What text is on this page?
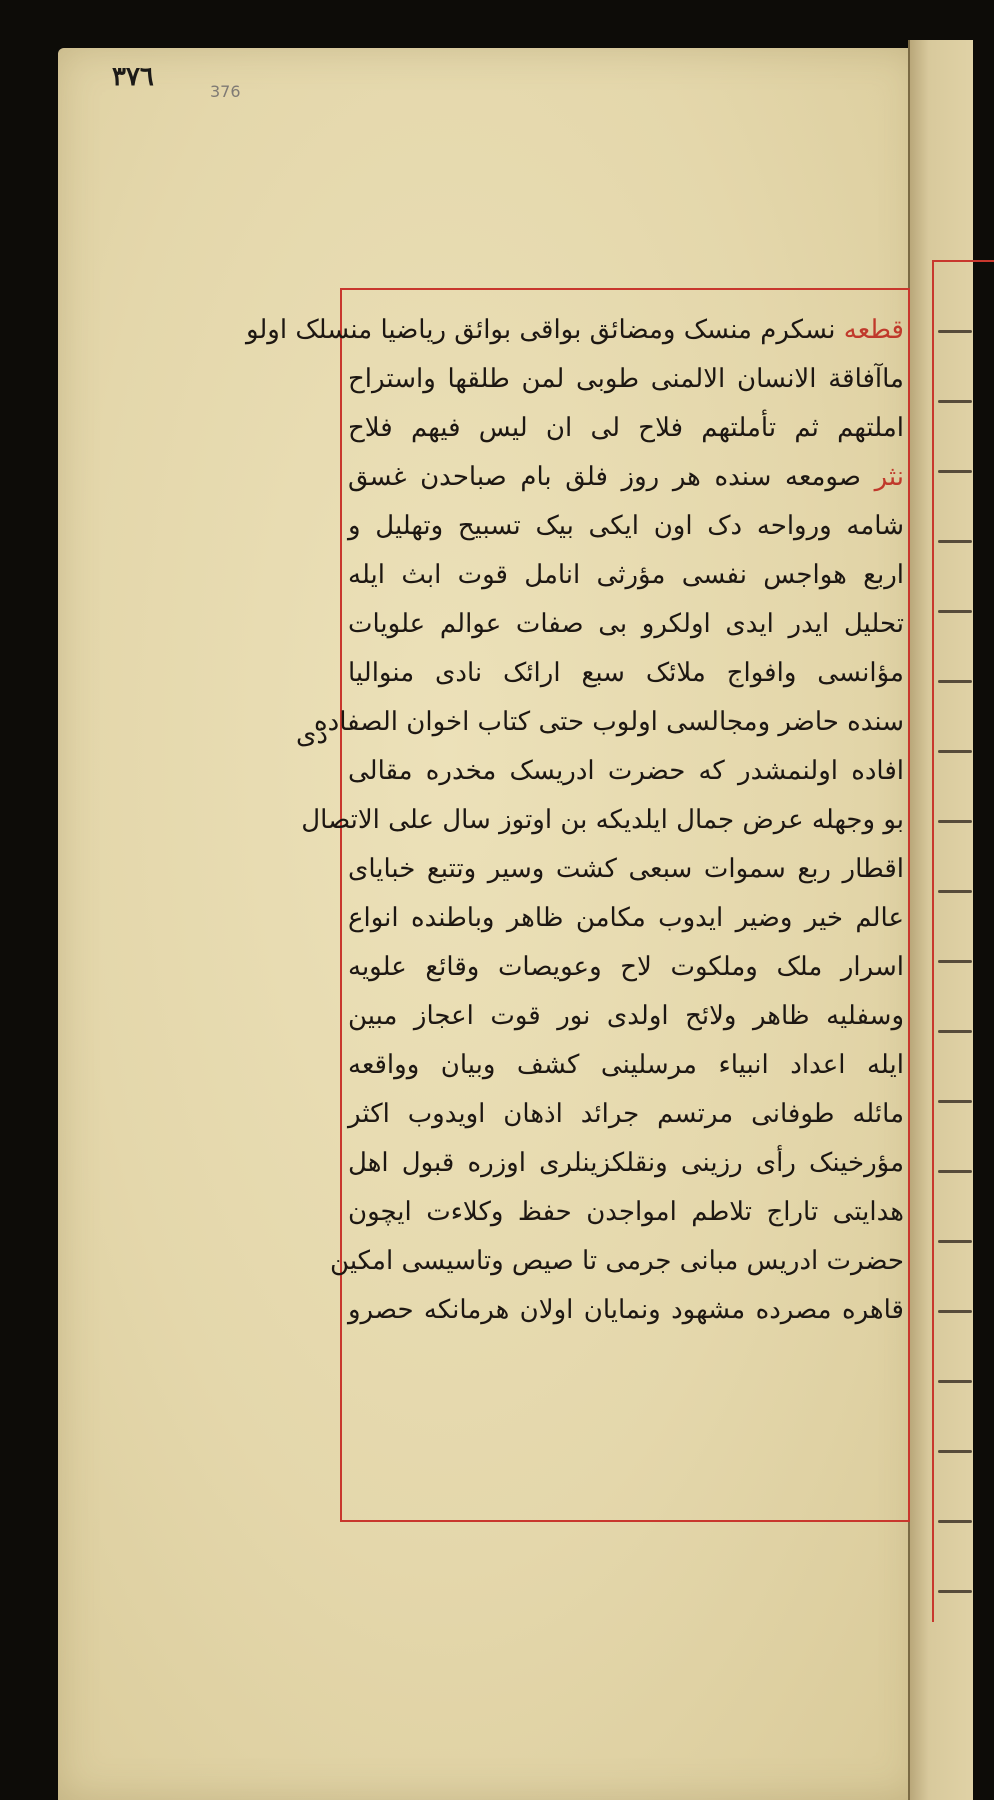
٣٧٦	376
ذی
قطعه نسکرم منسک ومضائق بواقی بوائق ریاضیا منسلک اولو
ماآفاقة الانسان الالمنی طوبی لمن طلقها واستراح
املتهم ثم تأملتهم فلاح لی ان لیس فیهم فلاح
نثر صومعه سنده هر روز فلق بام صباحدن غسق
شامه ورواحه دک اون ایکی بیک تسبیح وتهلیل و
اربع هواجس نفسی مؤرثی انامل قوت ابث ایله
تحلیل ایدر ایدی اولکرو بی صفات عوالم علویات
مؤانسی وافواج ملائک سبع ارائک نادی منوالیا
سنده حاضر ومجالسی اولوب حتی کتاب اخوان الصفاده
افاده اولنمشدر که حضرت ادریسک مخدره مقالی
بو وجهله عرض جمال ایلدیکه بن اوتوز سال علی الاتصال
اقطار ربع سموات سبعی کشت وسیر وتتبع خبایای
عالم خیر وضیر ایدوب مکامن ظاهر وباطنده انواع
اسرار ملک وملکوت لاح وعویصات وقائع علویه
وسفلیه ظاهر ولائح اولدی نور قوت اعجاز مبین
ایله اعداد انبیاء مرسلینی کشف وبیان وواقعه
مائله طوفانی مرتسم جرائد اذهان اویدوب اکثر
مؤرخینک رأی رزینی ونقلکزینلری اوزره قبول اهل
هدایتی تاراج تلاطم امواجدن حفظ وکلاءت ایچون
حضرت ادریس مبانی جرمی تا صیص وتاسیسی امکین
قاهره مصرده مشهود ونمایان اولان هرمانکه حصرو
